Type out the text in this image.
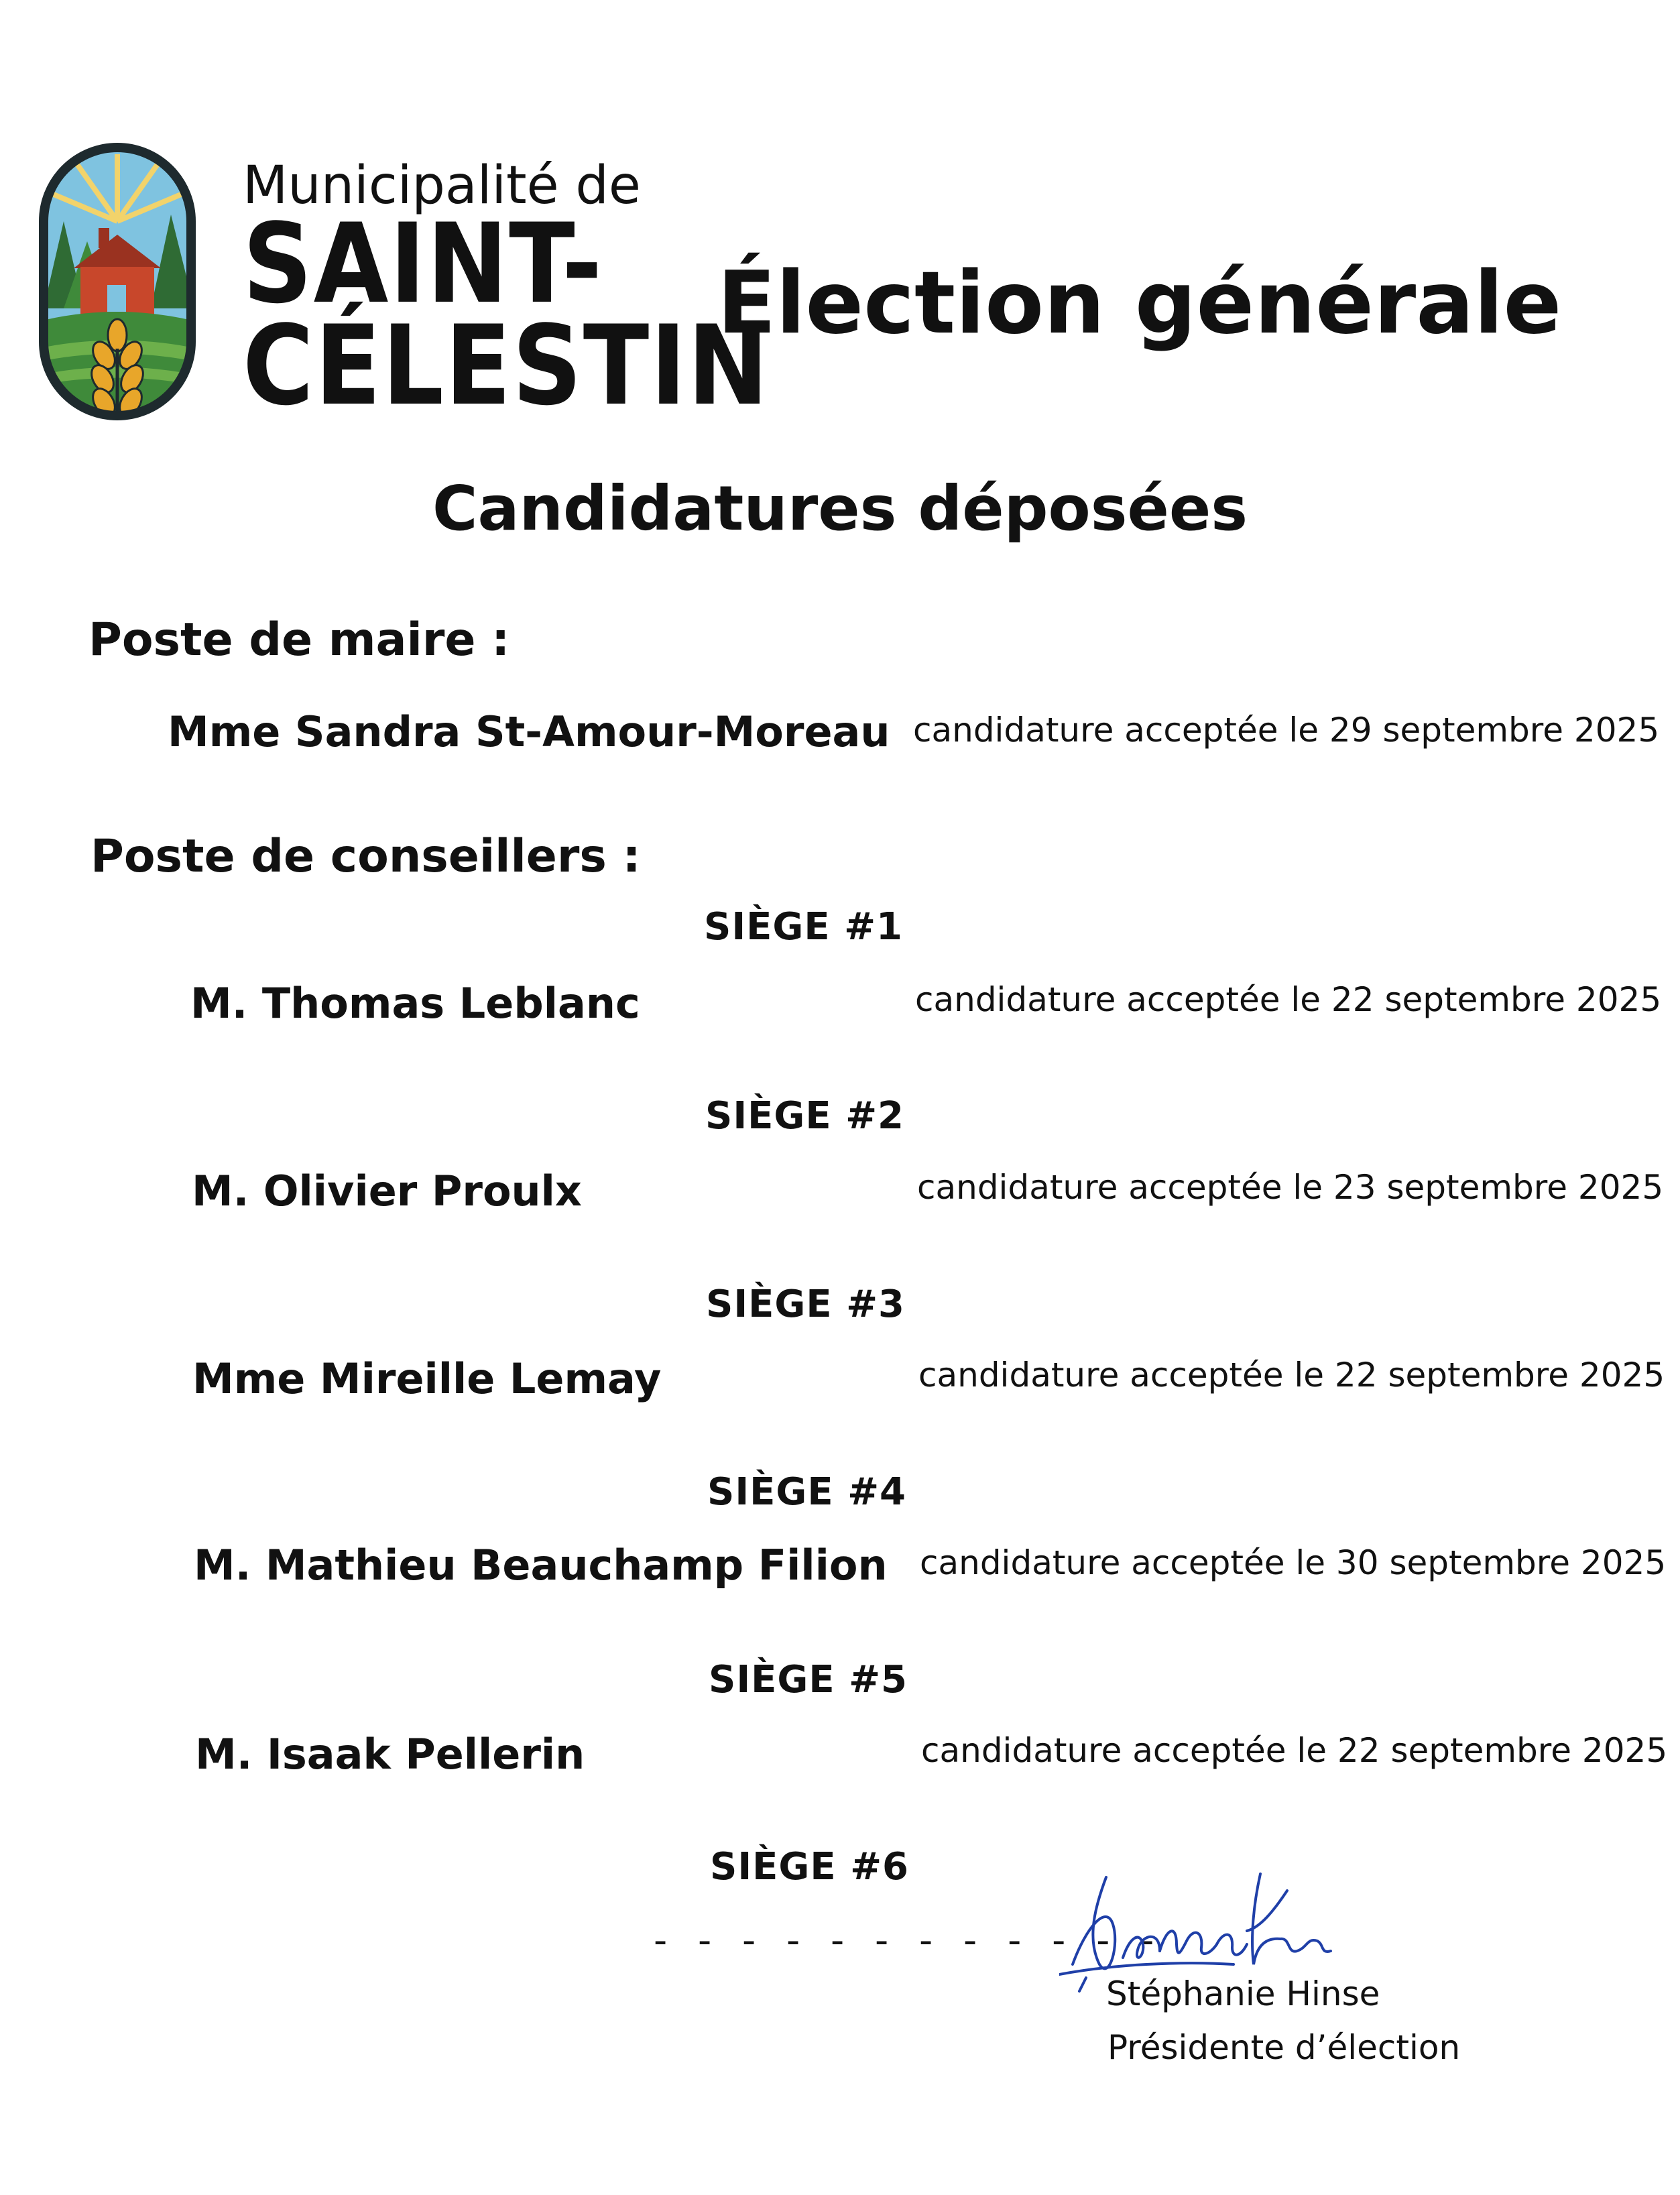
Municipalité de
SAINT-
CÉLESTIN
Élection générale
Candidatures déposées
Poste de maire :
Mme Sandra St-Amour-Moreau candidature acceptée le 29 septembre 2025
Poste de conseillers :
SIÈGE #1
M. Thomas Leblanc	candidature acceptée le 22 septembre 2025
SIÈGE #2
M. Olivier Proulx	candidature acceptée le 23 septembre 2025
SIÈGE #3
Mme Mireille Lemay	candidature acceptée le 22 septembre 2025
SIÈGE #4
M. Mathieu Beauchamp Filion candidature acceptée le 30 septembre 2025
SIÈGE #5
M. Isaak Pellerin	candidature acceptée le 22 septembre 2025
SIÈGE #6
- - - - - - - - - - - -
Stéphanie Hinse
Présidente d’élection
